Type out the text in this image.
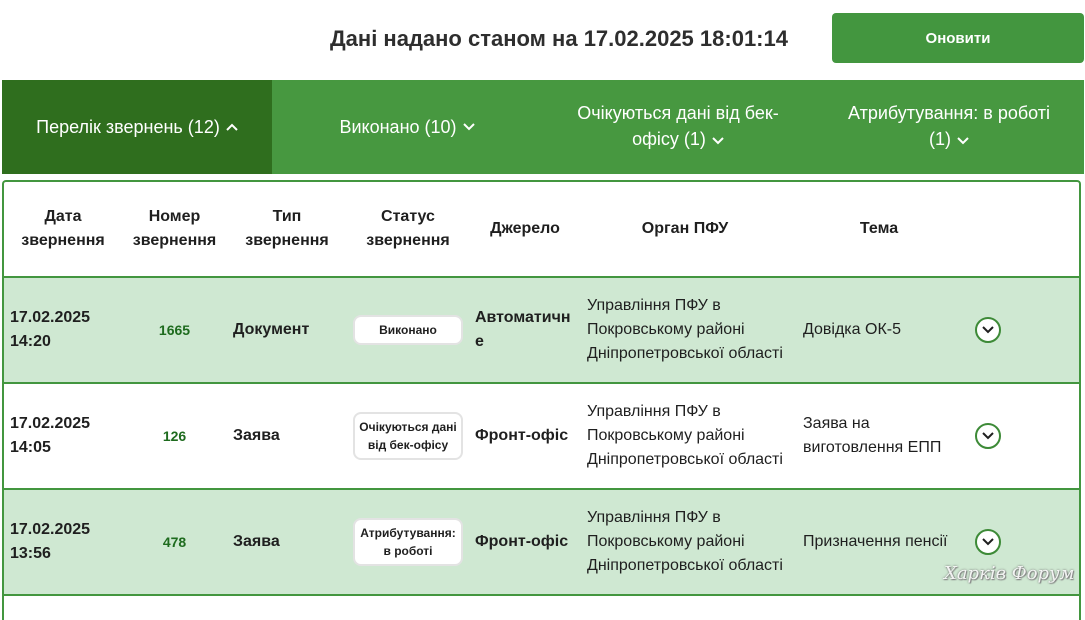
Дані надано станом на 17.02.2025 18:01:14	Оновити
Перелік звернень (12)	Виконано (10)
Очікуються дані від бек-офісу (1)
Атрибутування: в роботі (1)
Дата звернення	Номер звернення	Тип звернення	Статус звернення	Джерело	Орган ПФУ	Тема	

17.02.2025
14:20	1665	Документ	Виконано	Автоматичне	Управління ПФУ в Покровському районі Дніпропетровської області	Довідка ОК-5	

17.02.2025
14:05	126	Заява	Очікуються дані від бек-офісу	Фронт-офіс	Управління ПФУ в Покровському районі Дніпропетровської області	Заява на виготовлення ЕПП	

17.02.2025
13:56	478	Заява	Атрибутування: в роботі	Фронт-офіс	Управління ПФУ в Покровському районі Дніпропетровської області	Призначення пенсії	
Харків Форум
